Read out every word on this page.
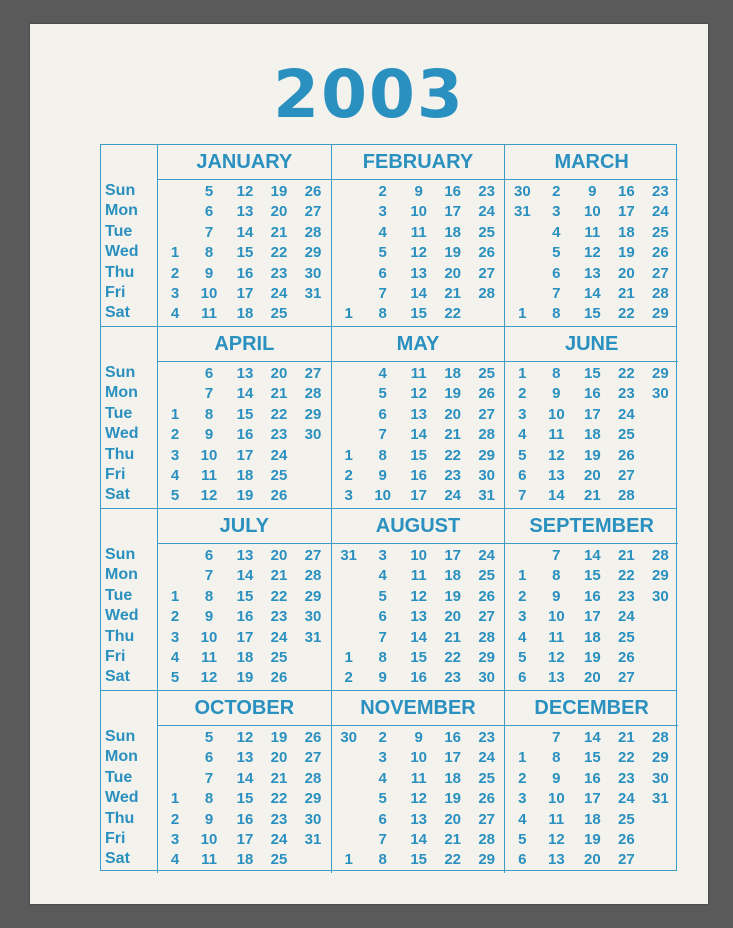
2003
Sun
Mon
Tue
Wed
Thu
Fri
Sat
JANUARY
1
2
3
4
5
6
7
8
9
10
11
12
13
14
15
16
17
18
19
20
21
22
23
24
25
26
27
28
29
30
31
FEBRUARY
1
2
3
4
5
6
7
8
9
10
11
12
13
14
15
16
17
18
19
20
21
22
23
24
25
26
27
28
MARCH
30
31
1
2
3
4
5
6
7
8
9
10
11
12
13
14
15
16
17
18
19
20
21
22
23
24
25
26
27
28
29
Sun
Mon
Tue
Wed
Thu
Fri
Sat
APRIL
1
2
3
4
5
6
7
8
9
10
11
12
13
14
15
16
17
18
19
20
21
22
23
24
25
26
27
28
29
30
MAY
1
2
3
4
5
6
7
8
9
10
11
12
13
14
15
16
17
18
19
20
21
22
23
24
25
26
27
28
29
30
31
JUNE
1
2
3
4
5
6
7
8
9
10
11
12
13
14
15
16
17
18
19
20
21
22
23
24
25
26
27
28
29
30
Sun
Mon
Tue
Wed
Thu
Fri
Sat
JULY
1
2
3
4
5
6
7
8
9
10
11
12
13
14
15
16
17
18
19
20
21
22
23
24
25
26
27
28
29
30
31
AUGUST
31
1
2
3
4
5
6
7
8
9
10
11
12
13
14
15
16
17
18
19
20
21
22
23
24
25
26
27
28
29
30
SEPTEMBER
1
2
3
4
5
6
7
8
9
10
11
12
13
14
15
16
17
18
19
20
21
22
23
24
25
26
27
28
29
30
Sun
Mon
Tue
Wed
Thu
Fri
Sat
OCTOBER
1
2
3
4
5
6
7
8
9
10
11
12
13
14
15
16
17
18
19
20
21
22
23
24
25
26
27
28
29
30
31
NOVEMBER
30
1
2
3
4
5
6
7
8
9
10
11
12
13
14
15
16
17
18
19
20
21
22
23
24
25
26
27
28
29
DECEMBER
1
2
3
4
5
6
7
8
9
10
11
12
13
14
15
16
17
18
19
20
21
22
23
24
25
26
27
28
29
30
31
